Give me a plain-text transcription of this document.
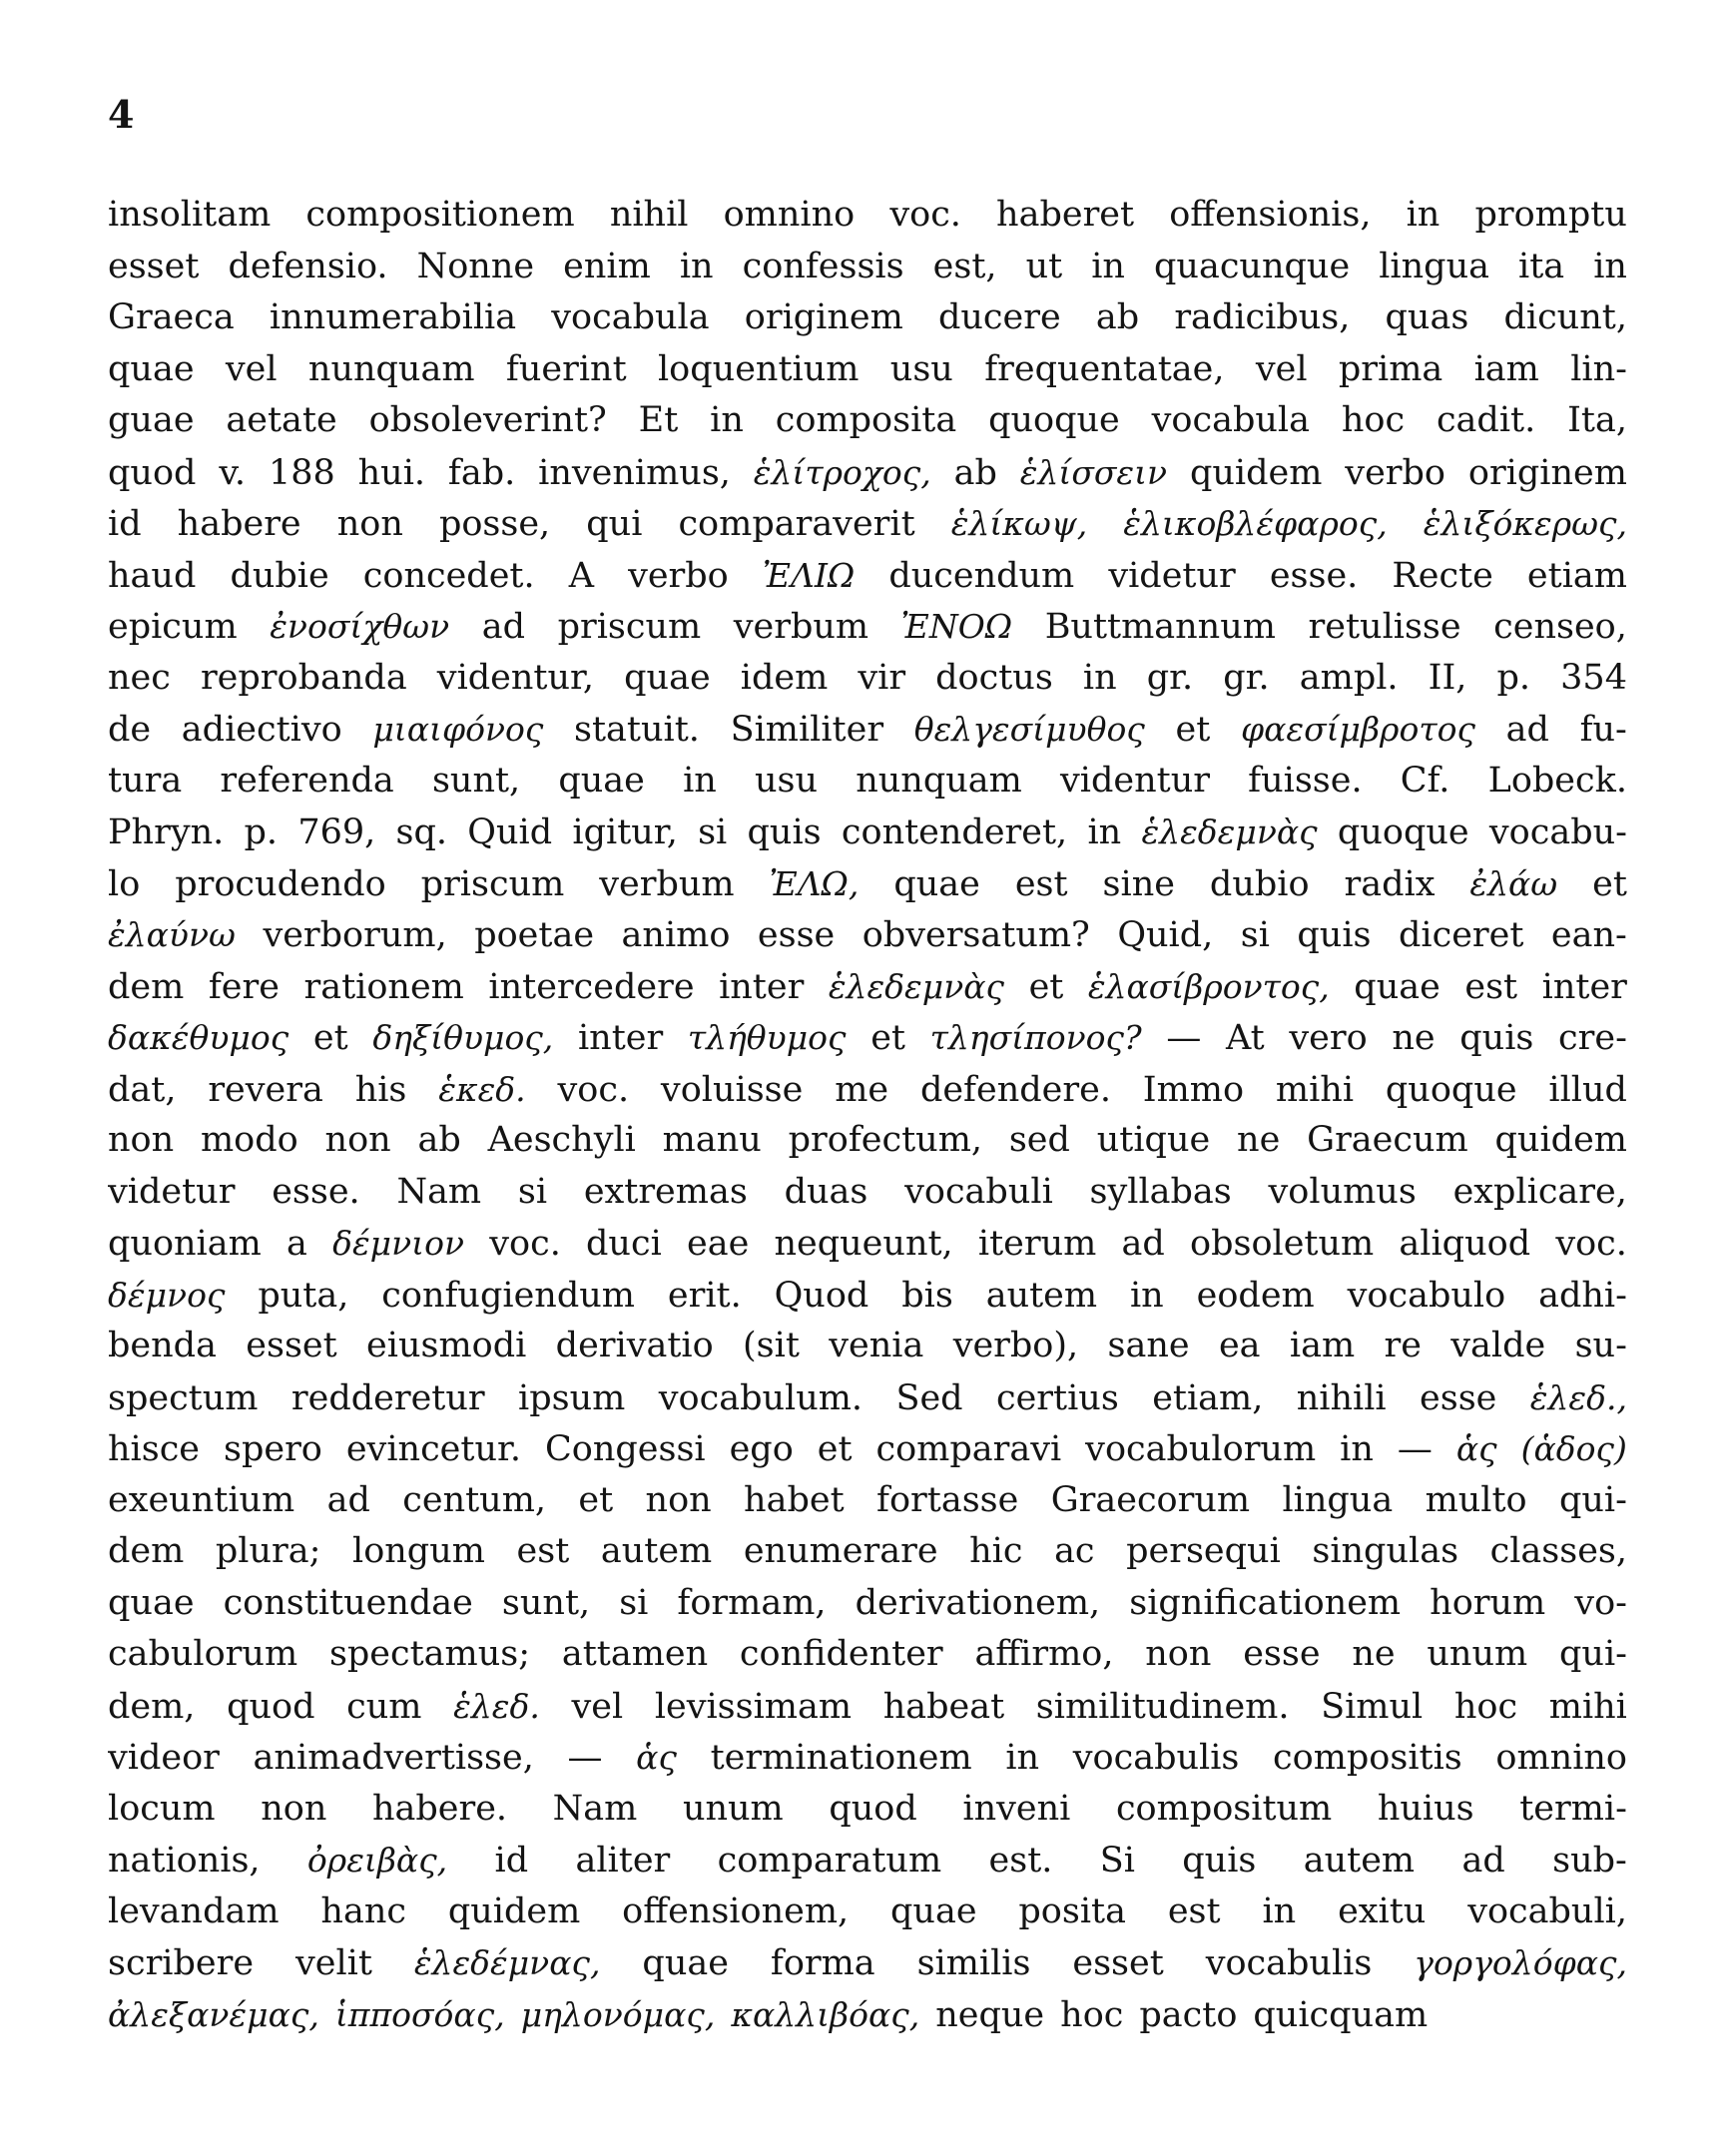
4
insolitam compositionem nihil omnino voc. haberet offensionis, in promptu
esset defensio. Nonne enim in confessis est, ut in quacunque lingua ita in
Graeca innumerabilia vocabula originem ducere ab radicibus, quas dicunt,
quae vel nunquam fuerint loquentium usu frequentatae, vel prima iam lin-
guae aetate obsoleverint? Et in composita quoque vocabula hoc cadit. Ita,
quod v. 188 hui. fab. invenimus, ἑλίτροχος, ab ἑλίσσειν quidem verbo originem
id habere non posse, qui comparaverit ἑλίκωψ, ἑλικοβλέφαρος, ἑλιξόκερως,
haud dubie concedet. A verbo ἘΛΙΩ ducendum videtur esse. Recte etiam
epicum ἐνοσίχθων ad priscum verbum ἘΝΟΩ Buttmannum retulisse censeo,
nec reprobanda videntur, quae idem vir doctus in gr. gr. ampl. II, p. 354
de adiectivo μιαιφόνος statuit. Similiter θελγεσίμυθος et φαεσίμβροτος ad fu-
tura referenda sunt, quae in usu nunquam videntur fuisse. Cf. Lobeck.
Phryn. p. 769, sq. Quid igitur, si quis contenderet, in ἑλεδεμνὰς quoque vocabu-
lo procudendo priscum verbum ἘΛΩ, quae est sine dubio radix ἐλάω et
ἐλαύνω verborum, poetae animo esse obversatum? Quid, si quis diceret ean-
dem fere rationem intercedere inter ἑλεδεμνὰς et ἑλασίβροντος, quae est inter
δακέθυμος et δηξίθυμος, inter τλήθυμος et τλησίπονος? — At vero ne quis cre-
dat, revera his ἑκεδ. voc. voluisse me defendere. Immo mihi quoque illud
non modo non ab Aeschyli manu profectum, sed utique ne Graecum quidem
videtur esse. Nam si extremas duas vocabuli syllabas volumus explicare,
quoniam a δέμνιον voc. duci eae nequeunt, iterum ad obsoletum aliquod voc.
δέμνος puta, confugiendum erit. Quod bis autem in eodem vocabulo adhi-
benda esset eiusmodi derivatio (sit venia verbo), sane ea iam re valde su-
spectum redderetur ipsum vocabulum. Sed certius etiam, nihili esse ἑλεδ.,
hisce spero evincetur. Congessi ego et comparavi vocabulorum in — ἁς (ἁδος)
exeuntium ad centum, et non habet fortasse Graecorum lingua multo qui-
dem plura; longum est autem enumerare hic ac persequi singulas classes,
quae constituendae sunt, si formam, derivationem, significationem horum vo-
cabulorum spectamus; attamen confidenter affirmo, non esse ne unum qui-
dem, quod cum ἑλεδ. vel levissimam habeat similitudinem. Simul hoc mihi
videor animadvertisse, — ἁς terminationem in vocabulis compositis omnino
locum non habere. Nam unum quod inveni compositum huius termi-
nationis, ὀρειβὰς, id aliter comparatum est. Si quis autem ad sub-
levandam hanc quidem offensionem, quae posita est in exitu vocabuli,
scribere velit ἑλεδέμνας, quae forma similis esset vocabulis γοργολόφας,
ἀλεξανέμας, ἱπποσόας, μηλονόμας, καλλιβόας, neque hoc pacto quicquam
